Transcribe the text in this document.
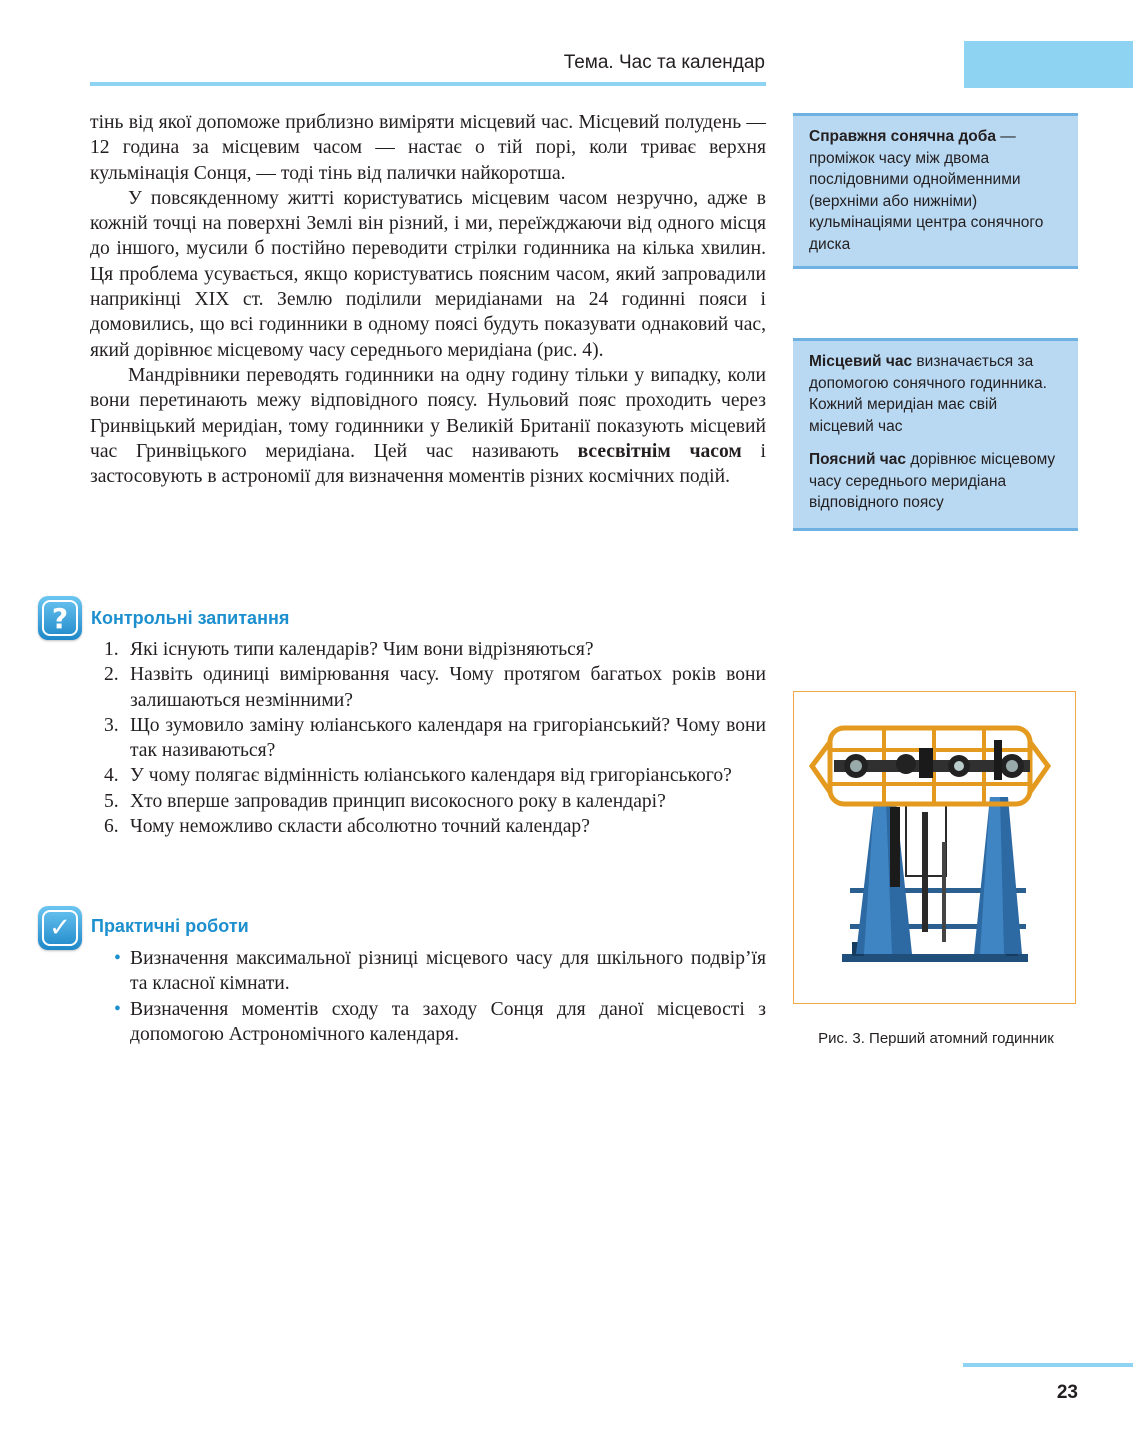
Тема. Час та календар

тінь від якої допоможе приблизно виміряти місцевий час. Місцевий полудень — 12 година за місцевим часом — настає о тій порі, коли триває верхня кульмінація Сонця, — тоді тінь від палички найкоротша.

У повсякденному житті користуватись місцевим часом незручно, адже в кожній точці на поверхні Землі він різний, і ми, переїжджаючи від одного місця до іншого, мусили б постійно переводити стрілки годинника на кілька хвилин. Ця проблема усувається, якщо користуватись поясним часом, який запровадили наприкінці XIX ст. Землю поділили меридіанами на 24 годинні пояси і домовились, що всі годинники в одному поясі будуть показувати однаковий час, який дорівнює місцевому часу середнього меридіана (рис. 4).

Мандрівники переводять годинники на одну годину тільки у випадку, коли вони перетинають межу відповідного поясу. Нульовий пояс проходить через Гринвіцький меридіан, тому годинники у Великій Британії показують місцевий час Гринвіцького меридіана. Цей час називають всесвітнім часом і застосовують в астрономії для визначення моментів різних космічних подій.

Справжня сонячна доба — проміжок часу між двома послідовними однойменними (верхніми або нижніми) кульмінаціями центра сонячного диска

Місцевий час визначається за допомогою сонячного годинника. Кожний меридіан має свій місцевий час

Поясний час дорівнює місцевому часу середнього меридіана відповідного поясу

?	Контрольні запитання
1. Які існують типи календарів? Чим вони відрізняються?
2. Назвіть одиниці вимірювання часу. Чому протягом багатьох років вони залишаються незмінними?
3. Що зумовило заміну юліанського календаря на григоріанський? Чому вони так називаються?
4. У чому полягає відмінність юліанського календаря від григоріанського?
5. Хто вперше запровадив принцип високосного року в календарі?
6. Чому неможливо скласти абсолютно точний календар?
✓	Практичні роботи
• Визначення максимальної різниці місцевого часу для шкільного подвір’їя та класної кімнати.
• Визначення моментів сходу та заходу Сонця для даної місцевості з допомогою Астрономічного календаря.	Рис. 3. Перший атомний годинник
23
